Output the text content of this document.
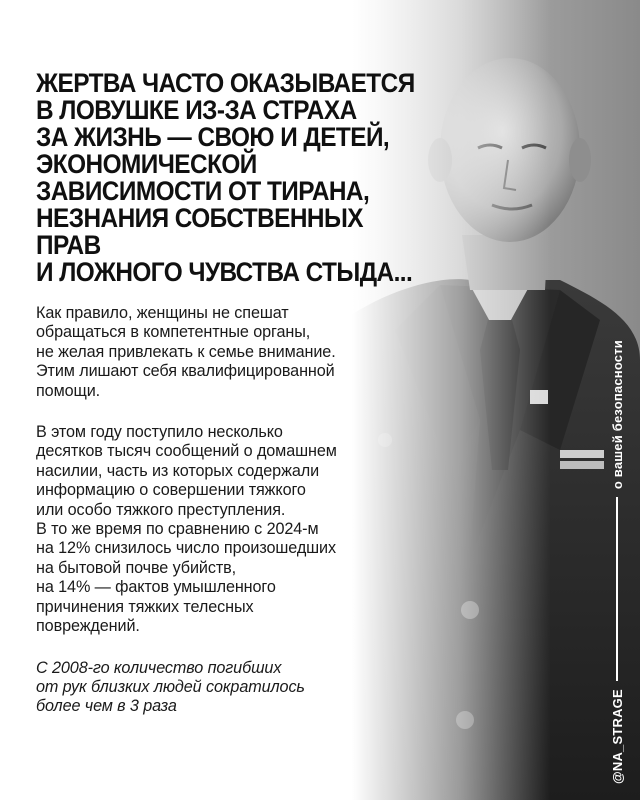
ЖЕРТВА ЧАСТО ОКАЗЫВАЕТСЯ
В ЛОВУШКЕ ИЗ-ЗА СТРАХА
ЗА ЖИЗНЬ — СВОЮ И ДЕТЕЙ,
ЭКОНОМИЧЕСКОЙ
ЗАВИСИМОСТИ ОТ ТИРАНА,
НЕЗНАНИЯ СОБСТВЕННЫХ ПРАВ
И ЛОЖНОГО ЧУВСТВА СТЫДА...

Как правило, женщины не спешат
обращаться в компетентные органы,
не желая привлекать к семье внимание.
Этим лишают себя квалифицированной
помощи.

В этом году поступило несколько
десятков тысяч сообщений о домашнем
насилии, часть из которых содержали
информацию о совершении тяжкого
или особо тяжкого преступления.
В то же время по сравнению с 2024-м
на 12% снизилось число произошедших
на бытовой почве убийств,
на 14% — фактов умышленного
причинения тяжких телесных
повреждений.

С 2008-го количество погибших
от рук близких людей сократилось
более чем в 3 раза	@NA_STRAGE
о вашей безопасности
